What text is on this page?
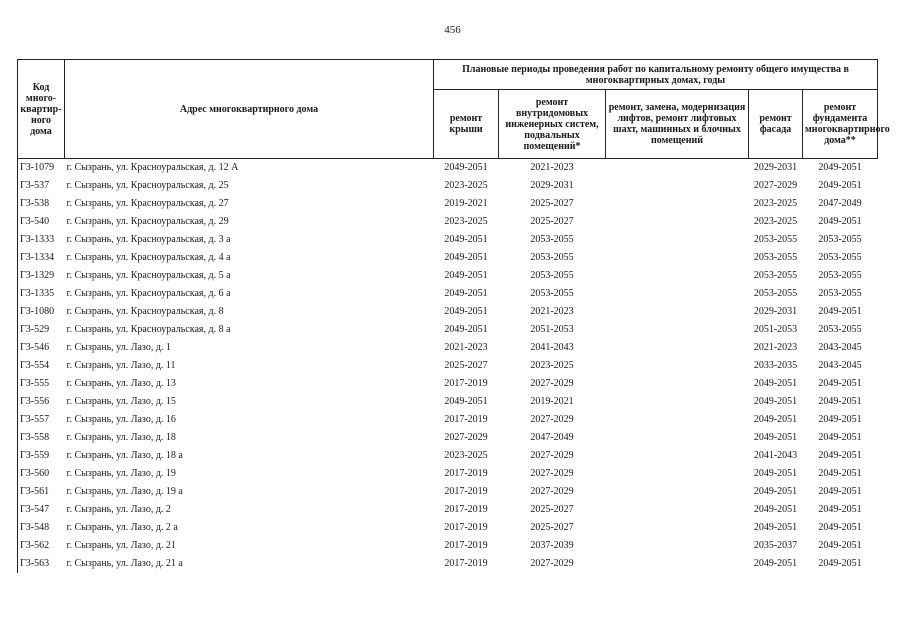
456
Код много-квартир-ного дома	Адрес многоквартирного дома	Плановые периоды проведения работ по капитальному ремонту общего имущества в многоквартирных домах, годы				
		ремонт крыши	ремонт внутридомовых инженерных систем, подвальных помещений*	ремонт, замена, модернизация лифтов, ремонт лифтовых шахт, машинных и блочных помещений	ремонт фасада	ремонт фундамента многоквартирного дома**
Г3-1079	г. Сызрань, ул. Красноуральская, д. 12 А	2049-2051	2021-2023		2029-2031	2049-2051
Г3-537	г. Сызрань, ул. Красноуральская, д. 25	2023-2025	2029-2031		2027-2029	2049-2051
Г3-538	г. Сызрань, ул. Красноуральская, д. 27	2019-2021	2025-2027		2023-2025	2047-2049
Г3-540	г. Сызрань, ул. Красноуральская, д. 29	2023-2025	2025-2027		2023-2025	2049-2051
Г3-1333	г. Сызрань, ул. Красноуральская, д. 3 а	2049-2051	2053-2055		2053-2055	2053-2055
Г3-1334	г. Сызрань, ул. Красноуральская, д. 4 а	2049-2051	2053-2055		2053-2055	2053-2055
Г3-1329	г. Сызрань, ул. Красноуральская, д. 5 а	2049-2051	2053-2055		2053-2055	2053-2055
Г3-1335	г. Сызрань, ул. Красноуральская, д. 6 а	2049-2051	2053-2055		2053-2055	2053-2055
Г3-1080	г. Сызрань, ул. Красноуральская, д. 8	2049-2051	2021-2023		2029-2031	2049-2051
Г3-529	г. Сызрань, ул. Красноуральская, д. 8 а	2049-2051	2051-2053		2051-2053	2053-2055
Г3-546	г. Сызрань, ул. Лазо, д. 1	2021-2023	2041-2043		2021-2023	2043-2045
Г3-554	г. Сызрань, ул. Лазо, д. 11	2025-2027	2023-2025		2033-2035	2043-2045
Г3-555	г. Сызрань, ул. Лазо, д. 13	2017-2019	2027-2029		2049-2051	2049-2051
Г3-556	г. Сызрань, ул. Лазо, д. 15	2049-2051	2019-2021		2049-2051	2049-2051
Г3-557	г. Сызрань, ул. Лазо, д. 16	2017-2019	2027-2029		2049-2051	2049-2051
Г3-558	г. Сызрань, ул. Лазо, д. 18	2027-2029	2047-2049		2049-2051	2049-2051
Г3-559	г. Сызрань, ул. Лазо, д. 18 а	2023-2025	2027-2029		2041-2043	2049-2051
Г3-560	г. Сызрань, ул. Лазо, д. 19	2017-2019	2027-2029		2049-2051	2049-2051
Г3-561	г. Сызрань, ул. Лазо, д. 19 а	2017-2019	2027-2029		2049-2051	2049-2051
Г3-547	г. Сызрань, ул. Лазо, д. 2	2017-2019	2025-2027		2049-2051	2049-2051
Г3-548	г. Сызрань, ул. Лазо, д. 2 а	2017-2019	2025-2027		2049-2051	2049-2051
Г3-562	г. Сызрань, ул. Лазо, д. 21	2017-2019	2037-2039		2035-2037	2049-2051
Г3-563	г. Сызрань, ул. Лазо, д. 21 а	2017-2019	2027-2029		2049-2051	2049-2051
